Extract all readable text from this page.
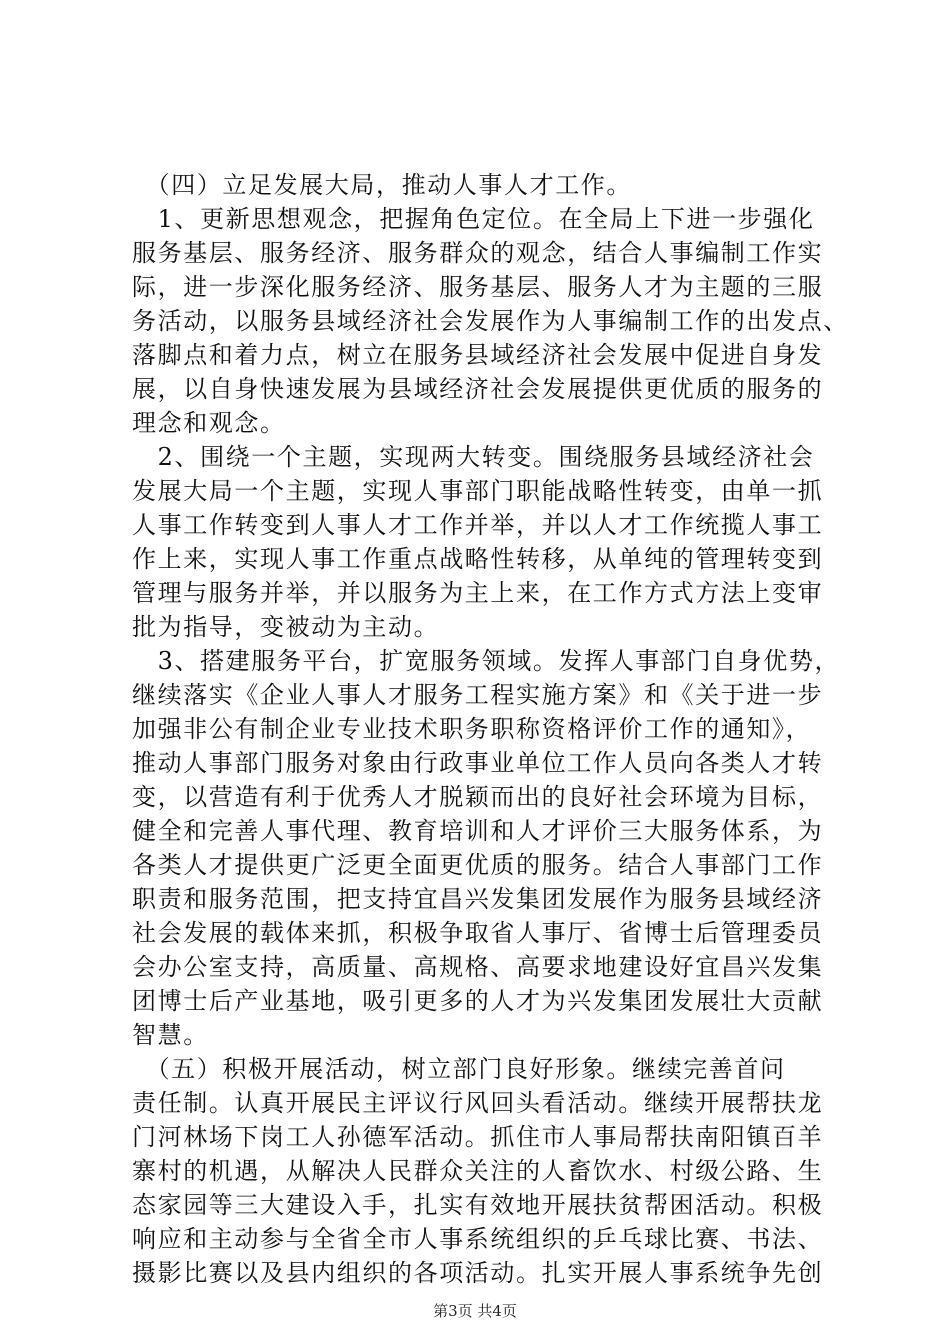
　（四）立足发展大局，推动人事人才工作。
　1、更新思想观念，把握角色定位。在全局上下进一步强化
服务基层、服务经济、服务群众的观念，结合人事编制工作实
际，进一步深化服务经济、服务基层、服务人才为主题的三服
务活动，以服务县域经济社会发展作为人事编制工作的出发点、
落脚点和着力点，树立在服务县域经济社会发展中促进自身发
展，以自身快速发展为县域经济社会发展提供更优质的服务的
理念和观念。
　2、围绕一个主题，实现两大转变。围绕服务县域经济社会
发展大局一个主题，实现人事部门职能战略性转变，由单一抓
人事工作转变到人事人才工作并举，并以人才工作统揽人事工
作上来，实现人事工作重点战略性转移，从单纯的管理转变到
管理与服务并举，并以服务为主上来，在工作方式方法上变审
批为指导，变被动为主动。
　3、搭建服务平台，扩宽服务领域。发挥人事部门自身优势，
继续落实《企业人事人才服务工程实施方案》和《关于进一步
加强非公有制企业专业技术职务职称资格评价工作的通知》，
推动人事部门服务对象由行政事业单位工作人员向各类人才转
变，以营造有利于优秀人才脱颖而出的良好社会环境为目标，
健全和完善人事代理、教育培训和人才评价三大服务体系，为
各类人才提供更广泛更全面更优质的服务。结合人事部门工作
职责和服务范围，把支持宜昌兴发集团发展作为服务县域经济
社会发展的载体来抓，积极争取省人事厅、省博士后管理委员
会办公室支持，高质量、高规格、高要求地建设好宜昌兴发集
团博士后产业基地，吸引更多的人才为兴发集团发展壮大贡献
智慧。
　（五）积极开展活动，树立部门良好形象。继续完善首问
责任制。认真开展民主评议行风回头看活动。继续开展帮扶龙
门河林场下岗工人孙德军活动。抓住市人事局帮扶南阳镇百羊
寨村的机遇，从解决人民群众关注的人畜饮水、村级公路、生
态家园等三大建设入手，扎实有效地开展扶贫帮困活动。积极
响应和主动参与全省全市人事系统组织的乒乓球比赛、书法、
摄影比赛以及县内组织的各项活动。扎实开展人事系统争先创
第3页 共4页
